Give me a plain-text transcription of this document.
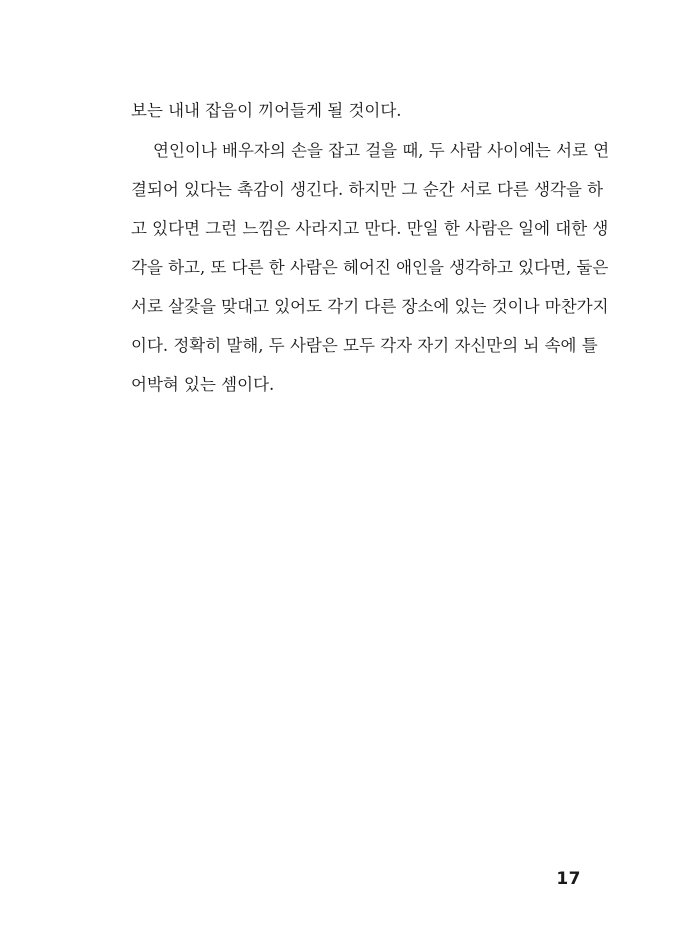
보는 내내 잡음이 끼어들게 될 것이다.
연인이나 배우자의 손을 잡고 걸을 때, 두 사람 사이에는 서로 연
결되어 있다는 촉감이 생긴다. 하지만 그 순간 서로 다른 생각을 하
고 있다면 그런 느낌은 사라지고 만다. 만일 한 사람은 일에 대한 생
각을 하고, 또 다른 한 사람은 헤어진 애인을 생각하고 있다면, 둘은
서로 살갗을 맞대고 있어도 각기 다른 장소에 있는 것이나 마찬가지
이다. 정확히 말해, 두 사람은 모두 각자 자기 자신만의 뇌 속에 틀
어박혀 있는 셈이다.
17
